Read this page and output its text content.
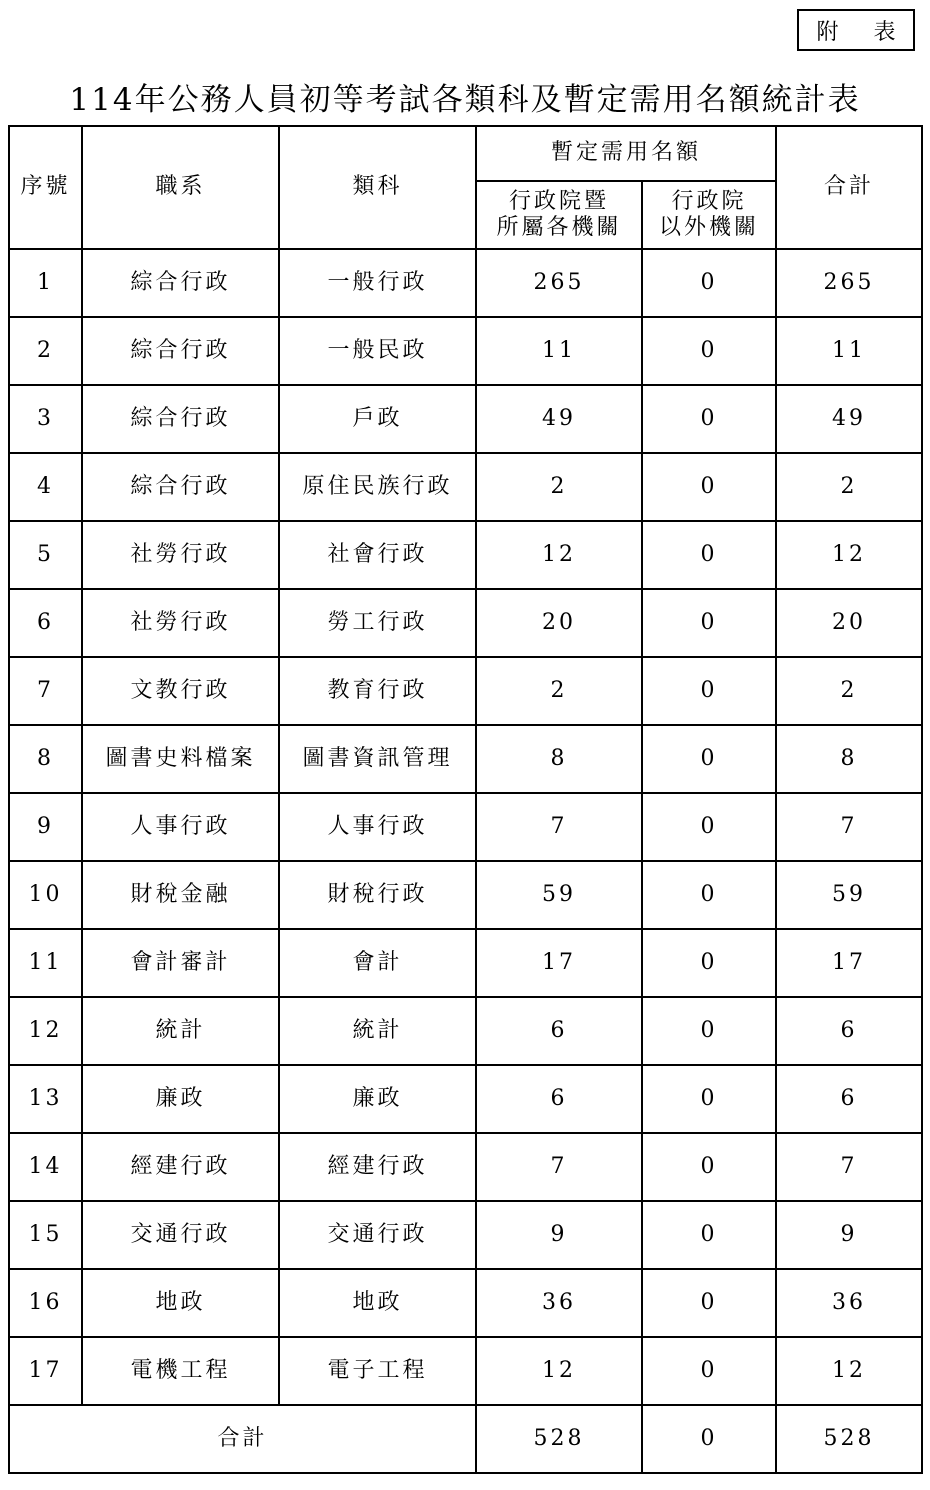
附 表
114年公務人員初等考試各類科及暫定需用名額統計表
序號	職系	類科	暫定需用名額		合計

			行政院暨
所屬各機關	行政院
以外機關	

1	綜合行政	一般行政	265	0	265
2	綜合行政	一般民政	11	0	11
3	綜合行政	戶政	49	0	49
4	綜合行政	原住民族行政	2	0	2
5	社勞行政	社會行政	12	0	12
6	社勞行政	勞工行政	20	0	20
7	文教行政	教育行政	2	0	2
8	圖書史料檔案	圖書資訊管理	8	0	8
9	人事行政	人事行政	7	0	7
10	財稅金融	財稅行政	59	0	59
11	會計審計	會計	17	0	17
12	統計	統計	6	0	6
13	廉政	廉政	6	0	6
14	經建行政	經建行政	7	0	7
15	交通行政	交通行政	9	0	9
16	地政	地政	36	0	36
17	電機工程	電子工程	12	0	12
合計			528	0	528
